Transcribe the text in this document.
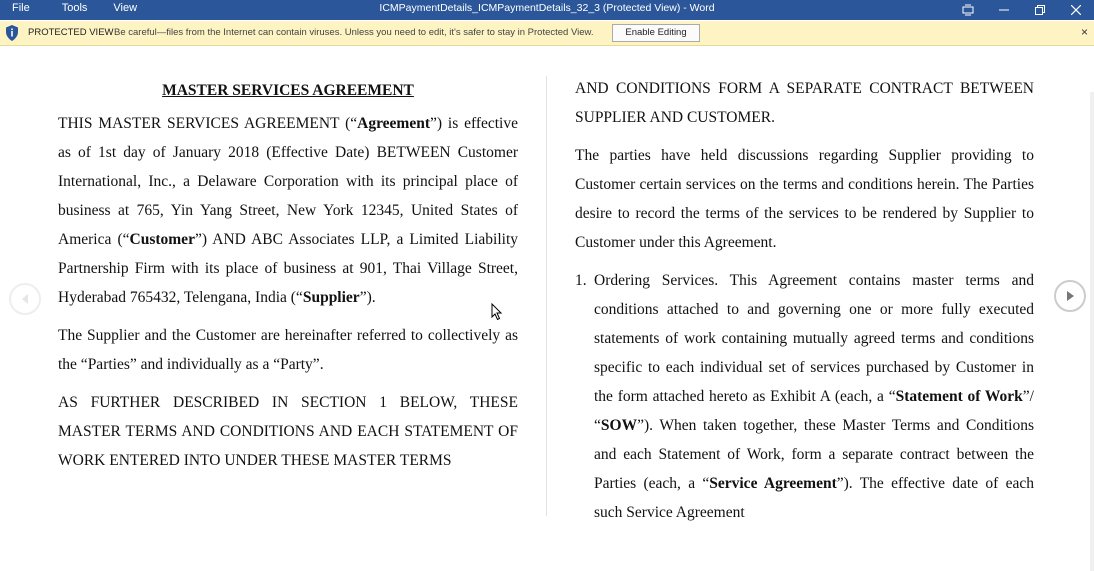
File	Tools View	ICMPaymentDetails_ICMPaymentDetails_32_3 (Protected View) - Word
PROTECTED VIEW Be careful—files from the Internet can contain viruses. Unless you need to edit, it's safer to stay in Protected View.	Enable Editing	×

MASTER SERVICES AGREEMENT

THIS MASTER SERVICES AGREEMENT (“Agreement”) is effective as of 1st day of January 2018 (Effective Date) BETWEEN Customer International, Inc., a Delaware Corporation with its principal place of business at 765, Yin Yang Street, New York 12345, United States of America (“Customer”) AND ABC Associates LLP, a Limited Liability Partnership Firm with its place of business at 901, Thai Village Street, Hyderabad 765432, Telengana, India (“Supplier”).

The Supplier and the Customer are hereinafter referred to collectively as the “Parties” and individually as a “Party”.

AS FURTHER DESCRIBED IN SECTION 1 BELOW, THESE MASTER TERMS AND CONDITIONS AND EACH STATEMENT OF WORK ENTERED INTO UNDER THESE MASTER TERMS

AND CONDITIONS FORM A SEPARATE CONTRACT BETWEEN SUPPLIER AND CUSTOMER.

The parties have held discussions regarding Supplier providing to Customer certain services on the terms and conditions herein. The Parties desire to record the terms of the services to be rendered by Supplier to Customer under this Agreement.

1. Ordering Services. This Agreement contains master terms and conditions attached to and governing one or more fully executed statements of work containing mutually agreed terms and conditions specific to each individual set of services purchased by Customer in the form attached hereto as Exhibit A (each, a “Statement of Work”/ “SOW”). When taken together, these Master Terms and Conditions and each Statement of Work, form a separate contract between the Parties (each, a “Service Agreement”). The effective date of each such Service Agreement
